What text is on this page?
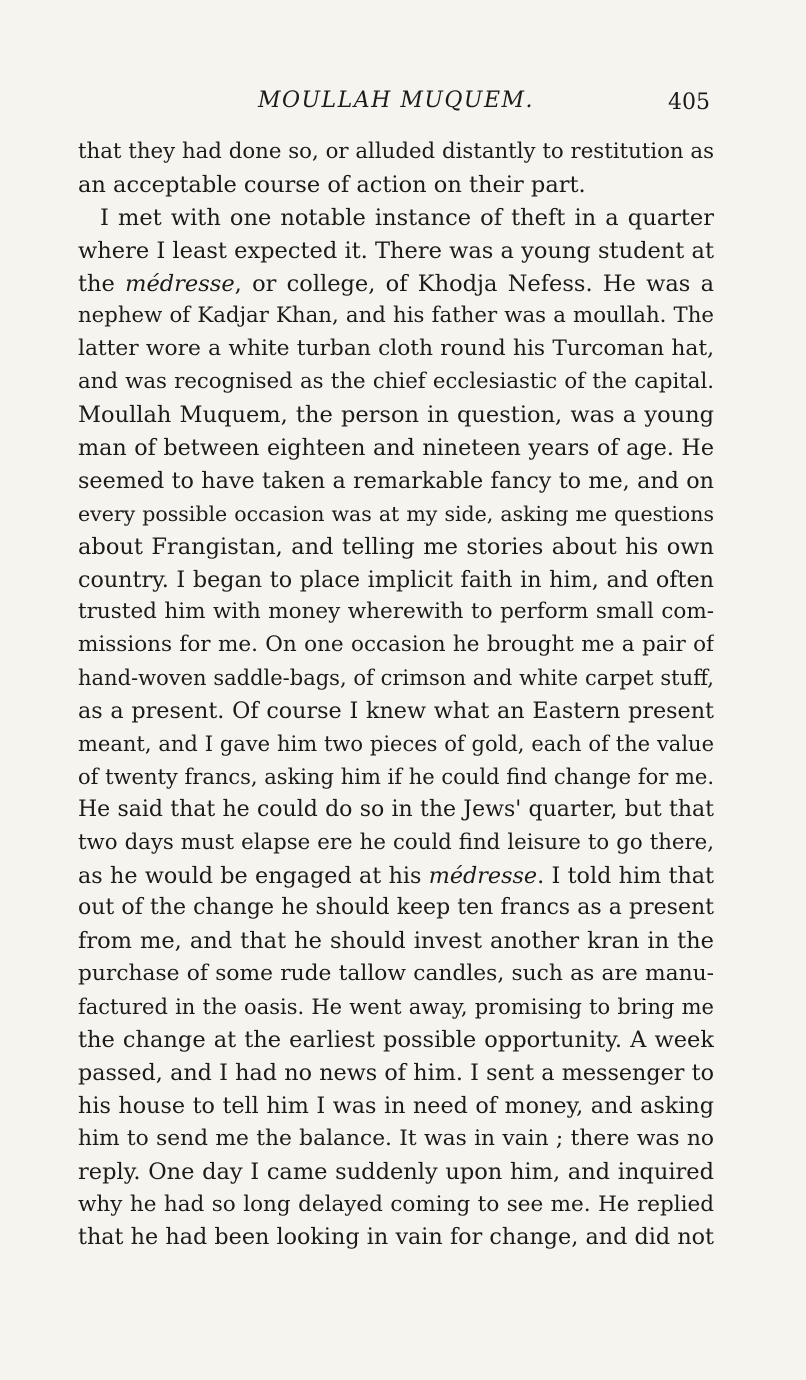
MOULLAH MUQUEM.	405
that they had done so, or alluded distantly to restitution as
an acceptable course of action on their part.
I met with one notable instance of theft in a quarter
where I least expected it. There was a young student at
the médresse, or college, of Khodja Nefess. He was a
nephew of Kadjar Khan, and his father was a moullah. The
latter wore a white turban cloth round his Turcoman hat,
and was recognised as the chief ecclesiastic of the capital.
Moullah Muquem, the person in question, was a young
man of between eighteen and nineteen years of age. He
seemed to have taken a remarkable fancy to me, and on
every possible occasion was at my side, asking me questions
about Frangistan, and telling me stories about his own
country. I began to place implicit faith in him, and often
trusted him with money wherewith to perform small com-
missions for me. On one occasion he brought me a pair of
hand-woven saddle-bags, of crimson and white carpet stuff,
as a present. Of course I knew what an Eastern present
meant, and I gave him two pieces of gold, each of the value
of twenty francs, asking him if he could find change for me.
He said that he could do so in the Jews' quarter, but that
two days must elapse ere he could find leisure to go there,
as he would be engaged at his médresse. I told him that
out of the change he should keep ten francs as a present
from me, and that he should invest another kran in the
purchase of some rude tallow candles, such as are manu-
factured in the oasis. He went away, promising to bring me
the change at the earliest possible opportunity. A week
passed, and I had no news of him. I sent a messenger to
his house to tell him I was in need of money, and asking
him to send me the balance. It was in vain ; there was no
reply. One day I came suddenly upon him, and inquired
why he had so long delayed coming to see me. He replied
that he had been looking in vain for change, and did not
